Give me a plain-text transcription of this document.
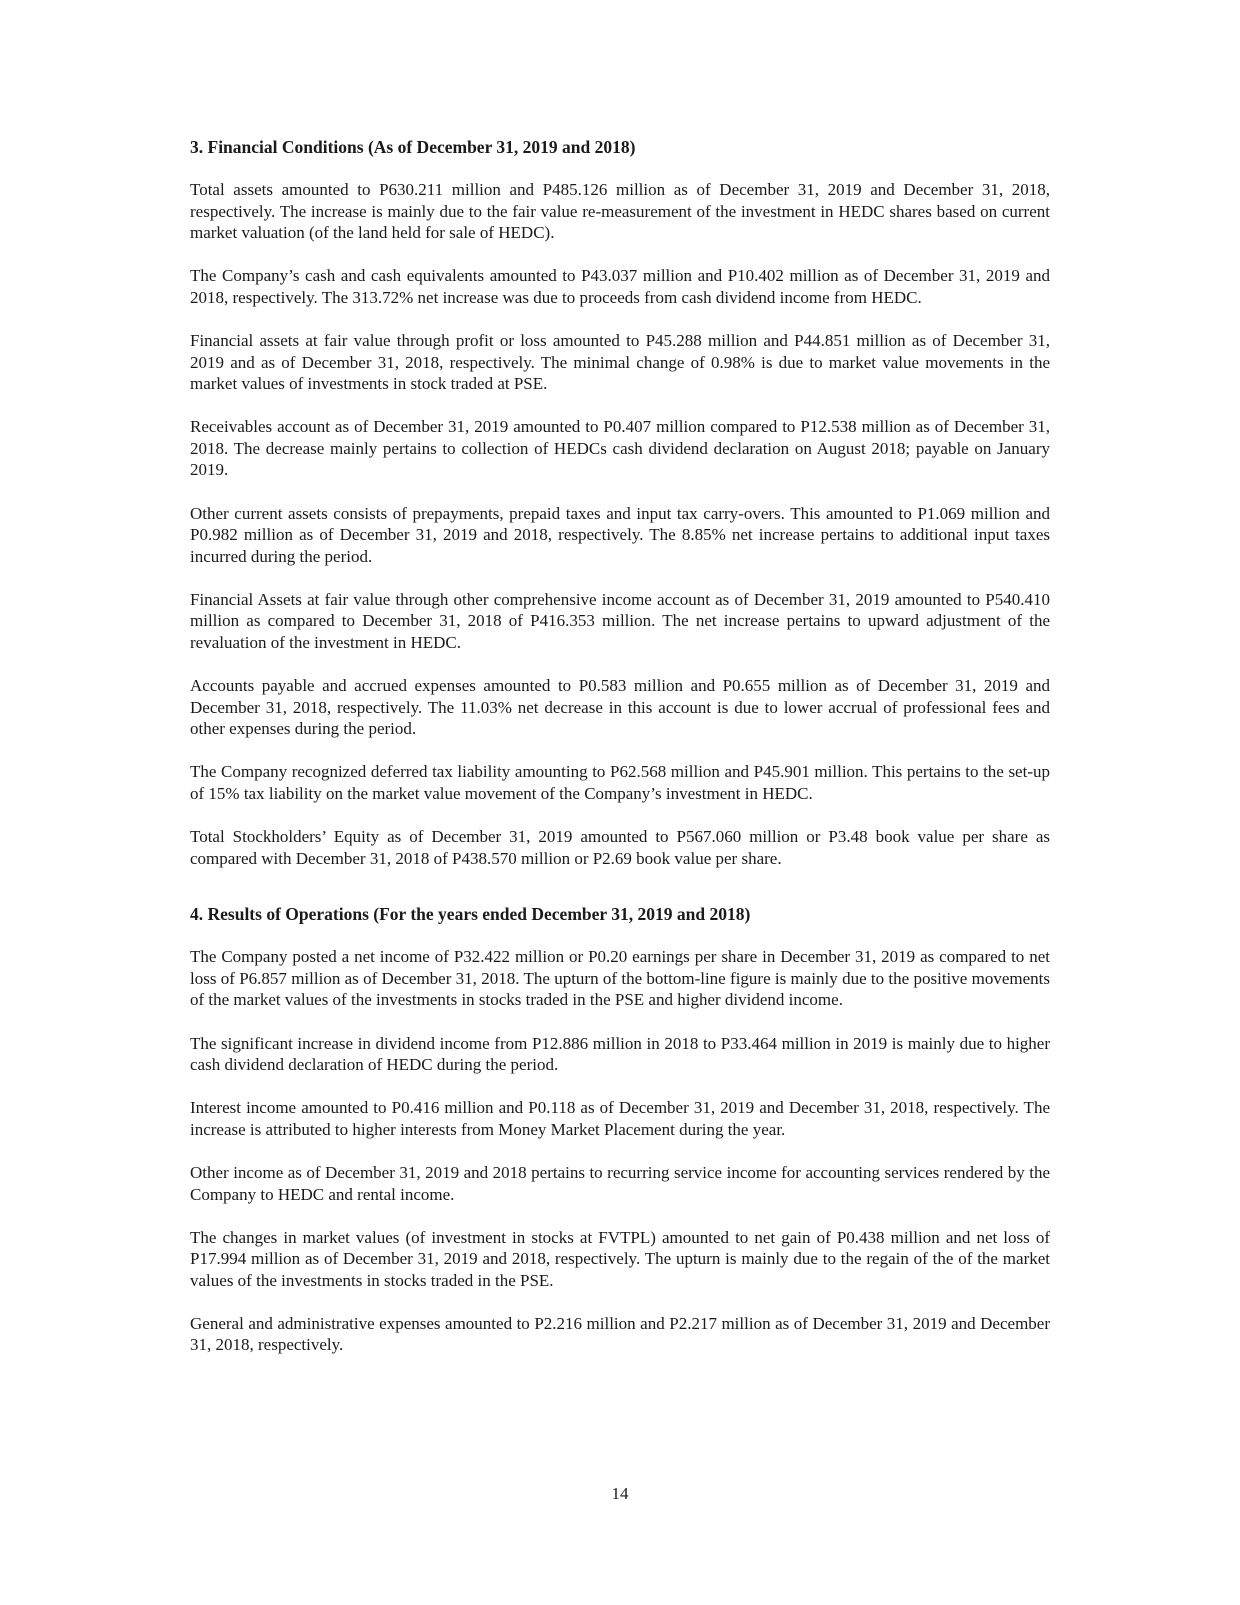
3. Financial Conditions (As of December 31, 2019 and 2018)

Total assets amounted to P630.211 million and P485.126 million as of December 31, 2019 and December 31, 2018, respectively. The increase is mainly due to the fair value re-measurement of the investment in HEDC shares based on current market valuation (of the land held for sale of HEDC).

The Company’s cash and cash equivalents amounted to P43.037 million and P10.402 million as of December 31, 2019 and 2018, respectively. The 313.72% net increase was due to proceeds from cash dividend income from HEDC.

Financial assets at fair value through profit or loss amounted to P45.288 million and P44.851 million as of December 31, 2019 and as of December 31, 2018, respectively. The minimal change of 0.98% is due to market value movements in the market values of investments in stock traded at PSE.

Receivables account as of December 31, 2019 amounted to P0.407 million compared to P12.538 million as of December 31, 2018. The decrease mainly pertains to collection of HEDCs cash dividend declaration on August 2018; payable on January 2019.

Other current assets consists of prepayments, prepaid taxes and input tax carry-overs. This amounted to P1.069 million and P0.982 million as of December 31, 2019 and 2018, respectively. The 8.85% net increase pertains to additional input taxes incurred during the period.

Financial Assets at fair value through other comprehensive income account as of December 31, 2019 amounted to P540.410 million as compared to December 31, 2018 of P416.353 million. The net increase pertains to upward adjustment of the revaluation of the investment in HEDC.

Accounts payable and accrued expenses amounted to P0.583 million and P0.655 million as of December 31, 2019 and December 31, 2018, respectively. The 11.03% net decrease in this account is due to lower accrual of professional fees and other expenses during the period.

The Company recognized deferred tax liability amounting to P62.568 million and P45.901 million. This pertains to the set-up of 15% tax liability on the market value movement of the Company’s investment in HEDC.

Total Stockholders’ Equity as of December 31, 2019 amounted to P567.060 million or P3.48 book value per share as compared with December 31, 2018 of P438.570 million or P2.69 book value per share.

4. Results of Operations (For the years ended December 31, 2019 and 2018)

The Company posted a net income of P32.422 million or P0.20 earnings per share in December 31, 2019 as compared to net loss of P6.857 million as of December 31, 2018. The upturn of the bottom-line figure is mainly due to the positive movements of the market values of the investments in stocks traded in the PSE and higher dividend income.

The significant increase in dividend income from P12.886 million in 2018 to P33.464 million in 2019 is mainly due to higher cash dividend declaration of HEDC during the period.

Interest income amounted to P0.416 million and P0.118 as of December 31, 2019 and December 31, 2018, respectively. The increase is attributed to higher interests from Money Market Placement during the year.

Other income as of December 31, 2019 and 2018 pertains to recurring service income for accounting services rendered by the Company to HEDC and rental income.

The changes in market values (of investment in stocks at FVTPL) amounted to net gain of P0.438 million and net loss of P17.994 million as of December 31, 2019 and 2018, respectively. The upturn is mainly due to the regain of the of the market values of the investments in stocks traded in the PSE.

General and administrative expenses amounted to P2.216 million and P2.217 million as of December 31, 2019 and December 31, 2018, respectively.

14
